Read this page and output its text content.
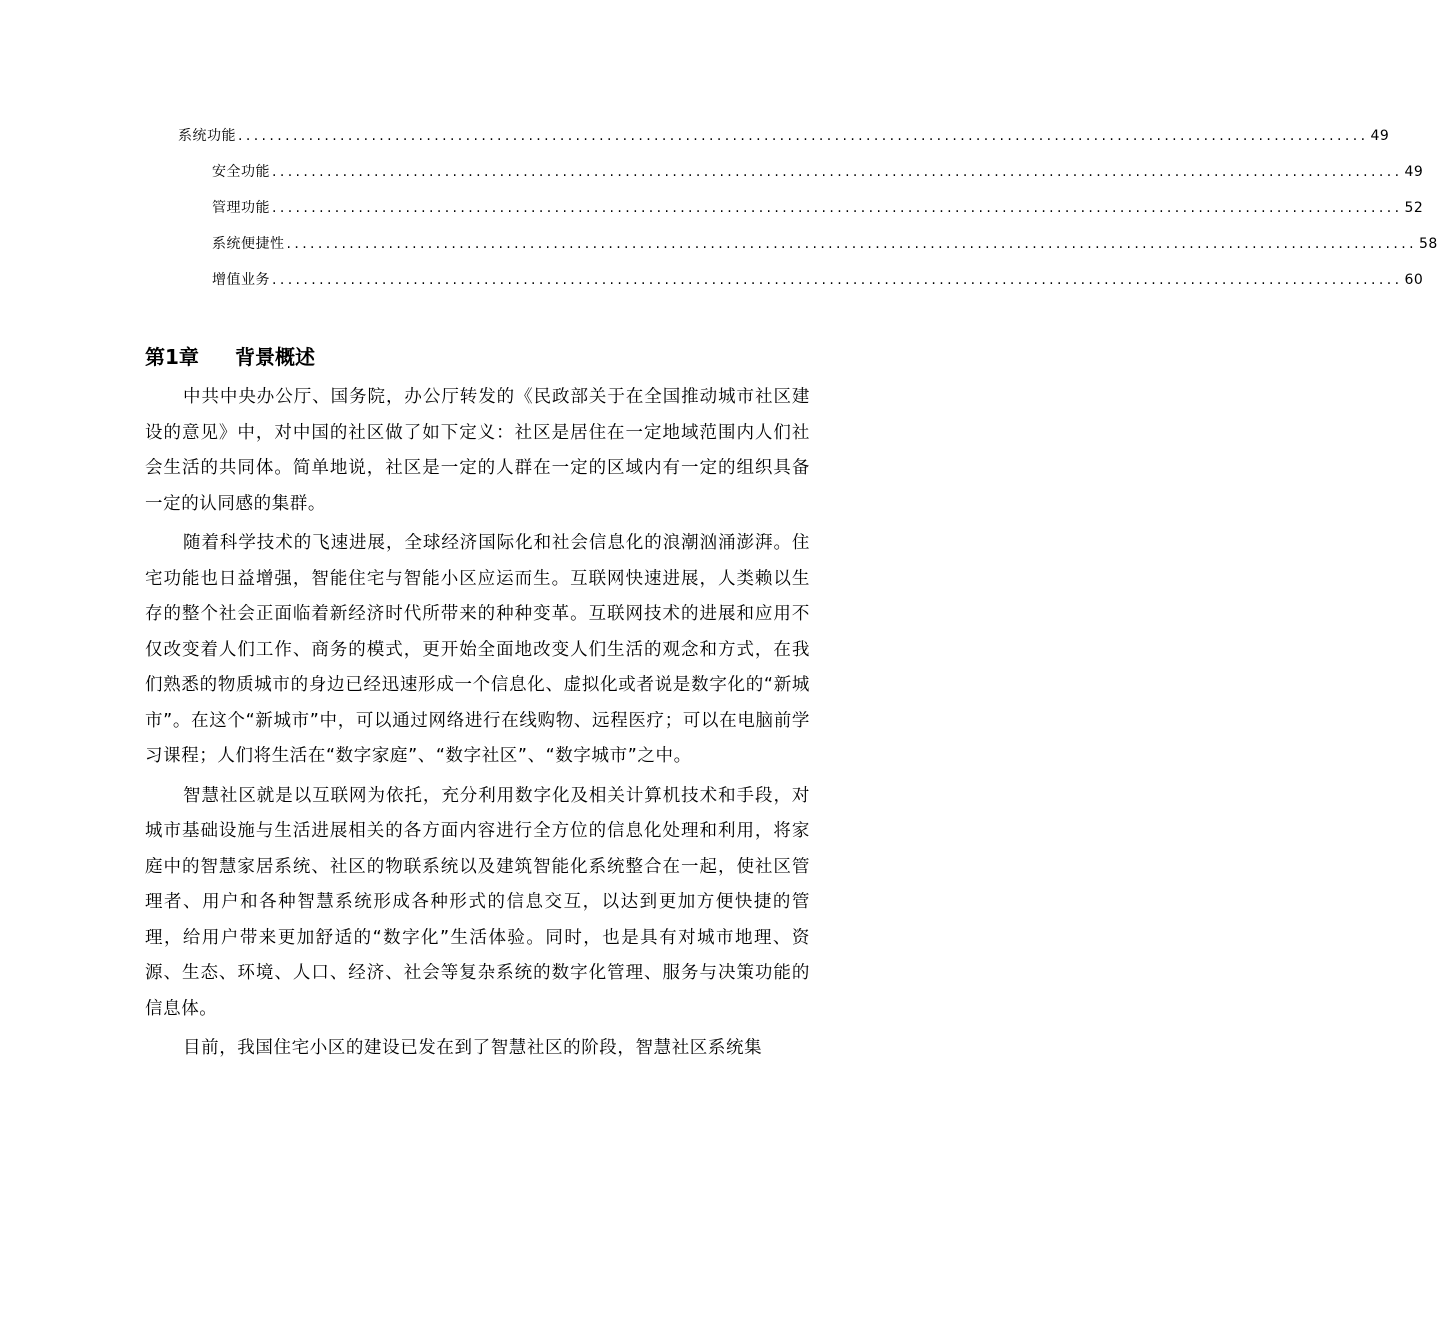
系统功能 ................................................................................................................................................ 49
安全功能 ................................................................................................................................................ 49
管理功能 ................................................................................................................................................ 52
系统便捷性 ................................................................................................................................................ 58
增值业务 ................................................................................................................................................ 60
第1章 背景概述

中共中央办公厅、国务院，办公厅转发的《民政部关于在全国推动城市社区建设的意见》中，对中国的社区做了如下定义：社区是居住在一定地域范围内人们社会生活的共同体。简单地说，社区是一定的人群在一定的区域内有一定的组织具备一定的认同感的集群。

随着科学技术的飞速进展，全球经济国际化和社会信息化的浪潮汹涌澎湃。住宅功能也日益增强，智能住宅与智能小区应运而生。互联网快速进展，人类赖以生存的整个社会正面临着新经济时代所带来的种种变革。互联网技术的进展和应用不仅改变着人们工作、商务的模式，更开始全面地改变人们生活的观念和方式，在我们熟悉的物质城市的身边已经迅速形成一个信息化、虚拟化或者说是数字化的“新城市”。在这个“新城市”中，可以通过网络进行在线购物、远程医疗；可以在电脑前学习课程；人们将生活在“数字家庭”、“数字社区”、“数字城市”之中。

智慧社区就是以互联网为依托，充分利用数字化及相关计算机技术和手段，对城市基础设施与生活进展相关的各方面内容进行全方位的信息化处理和利用，将家庭中的智慧家居系统、社区的物联系统以及建筑智能化系统整合在一起，使社区管理者、用户和各种智慧系统形成各种形式的信息交互，以达到更加方便快捷的管理，给用户带来更加舒适的“数字化”生活体验。同时，也是具有对城市地理、资源、生态、环境、人口、经济、社会等复杂系统的数字化管理、服务与决策功能的信息体。

目前，我国住宅小区的建设已发在到了智慧社区的阶段，智慧社区系统集
